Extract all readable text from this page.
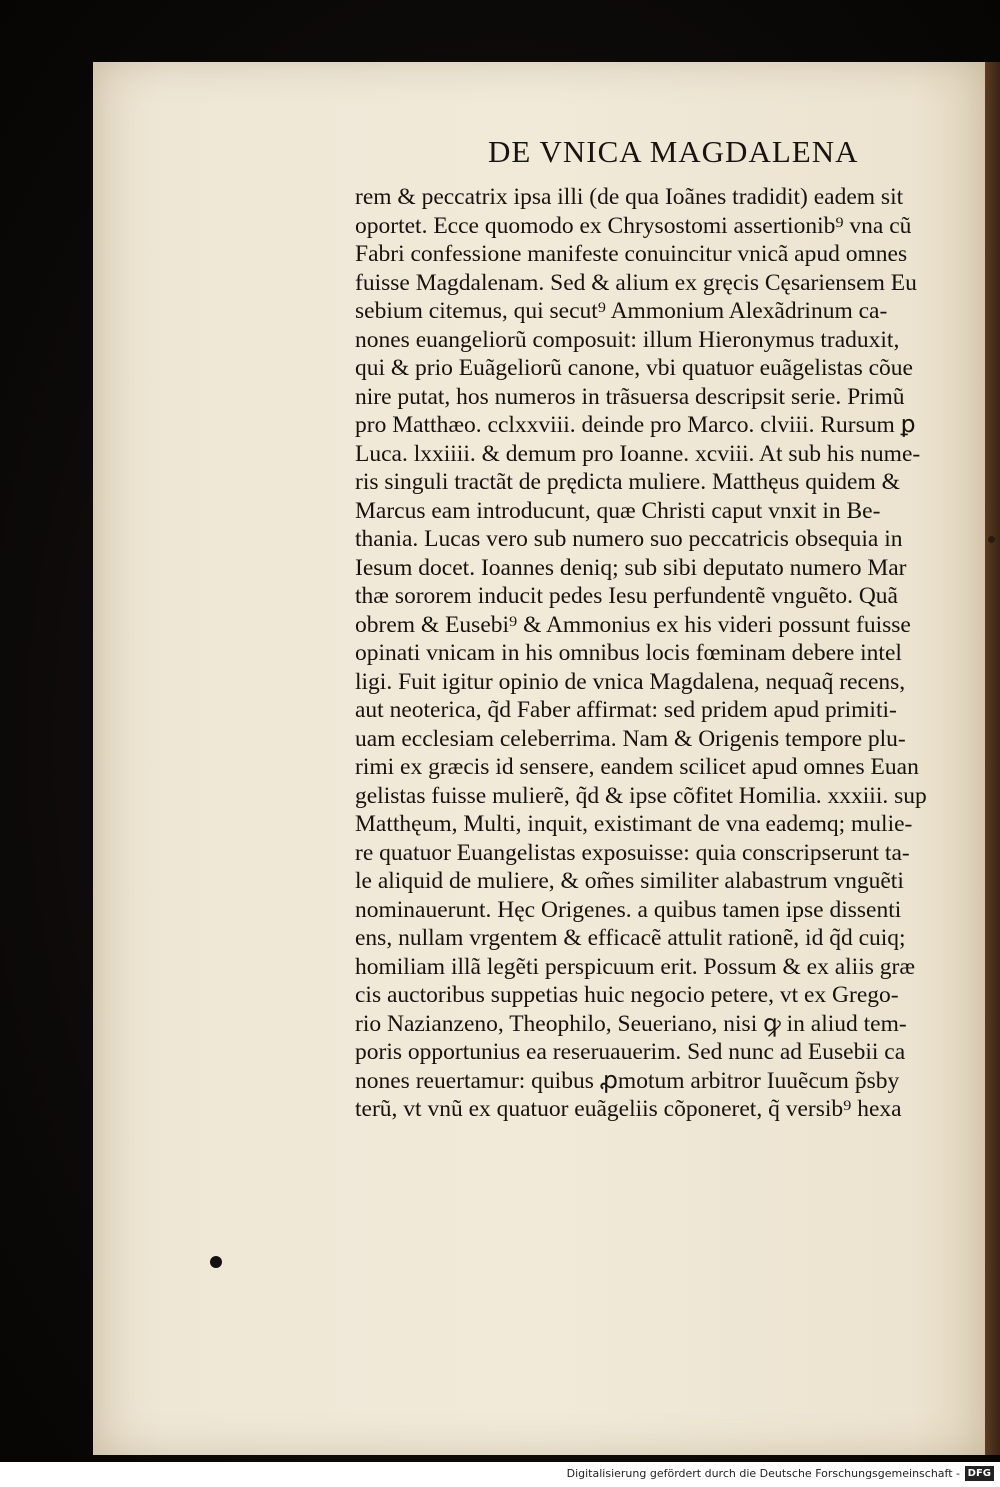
DE VNICA MAGDALENA
rem & peccatrix ipsa illi (de qua Ioãnes tradidit) eadem sit
oportet. Ecce quomodo ex Chrysostomi assertionib⁹ vna cũ
Fabri confessione manifeste conuincitur vnicã apud omnes
fuisse Magdalenam. Sed & alium ex gręcis Cęsariensem Eu
sebium citemus, qui secut⁹ Ammonium Alexãdrinum ca-
nones euangeliorũ composuit: illum Hieronymus traduxit,
qui & prio Euãgeliorũ canone, vbi quatuor euãgelistas cõue
nire putat, hos numeros in trãsuersa descripsit serie. Primũ
pro Matthæo. cclxxviii. deinde pro Marco. clviii. Rursum ꝑ
Luca. lxxiiii. & demum pro Ioanne. xcviii. At sub his nume-
ris singuli tractãt de prędicta muliere. Matthęus quidem &
Marcus eam introducunt, quæ Christi caput vnxit in Be-
thania. Lucas vero sub numero suo peccatricis obsequia in
Iesum docet. Ioannes deniq; sub sibi deputato numero Mar
thæ sororem inducit pedes Iesu perfundentẽ vnguẽto. Quã
obrem & Eusebi⁹ & Ammonius ex his videri possunt fuisse
opinati vnicam in his omnibus locis fœminam debere intel
ligi. Fuit igitur opinio de vnica Magdalena, nequaq̃ recens,
aut neoterica, q̃d Faber affirmat: sed pridem apud primiti-
uam ecclesiam celeberrima. Nam & Origenis tempore plu-
rimi ex græcis id sensere, eandem scilicet apud omnes Euan
gelistas fuisse mulierẽ, q̃d & ipse cõfitet Homilia. xxxiii. sup
Matthęum, Multi, inquit, existimant de vna eademq; mulie-
re quatuor Euangelistas exposuisse: quia conscripserunt ta-
le aliquid de muliere, & om̃es similiter alabastrum vnguẽti
nominauerunt. Hęc Origenes. a quibus tamen ipse dissenti
ens, nullam vrgentem & efficacẽ attulit rationẽ, id q̃d cuiq;
homiliam illã legẽti perspicuum erit. Possum & ex aliis græ
cis auctoribus suppetias huic negocio petere, vt ex Grego-
rio Nazianzeno, Theophilo, Seueriano, nisi ꝙ in aliud tem-
poris opportunius ea reseruauerim. Sed nunc ad Eusebii ca
nones reuertamur: quibus ꝓmotum arbitror Iuuẽcum p̃sby
terũ, vt vnũ ex quatuor euãgeliis cõponeret, q̃ versib⁹ hexa
Digitalisierung gefördert durch die Deutsche Forschungsgemeinschaft - DFG
